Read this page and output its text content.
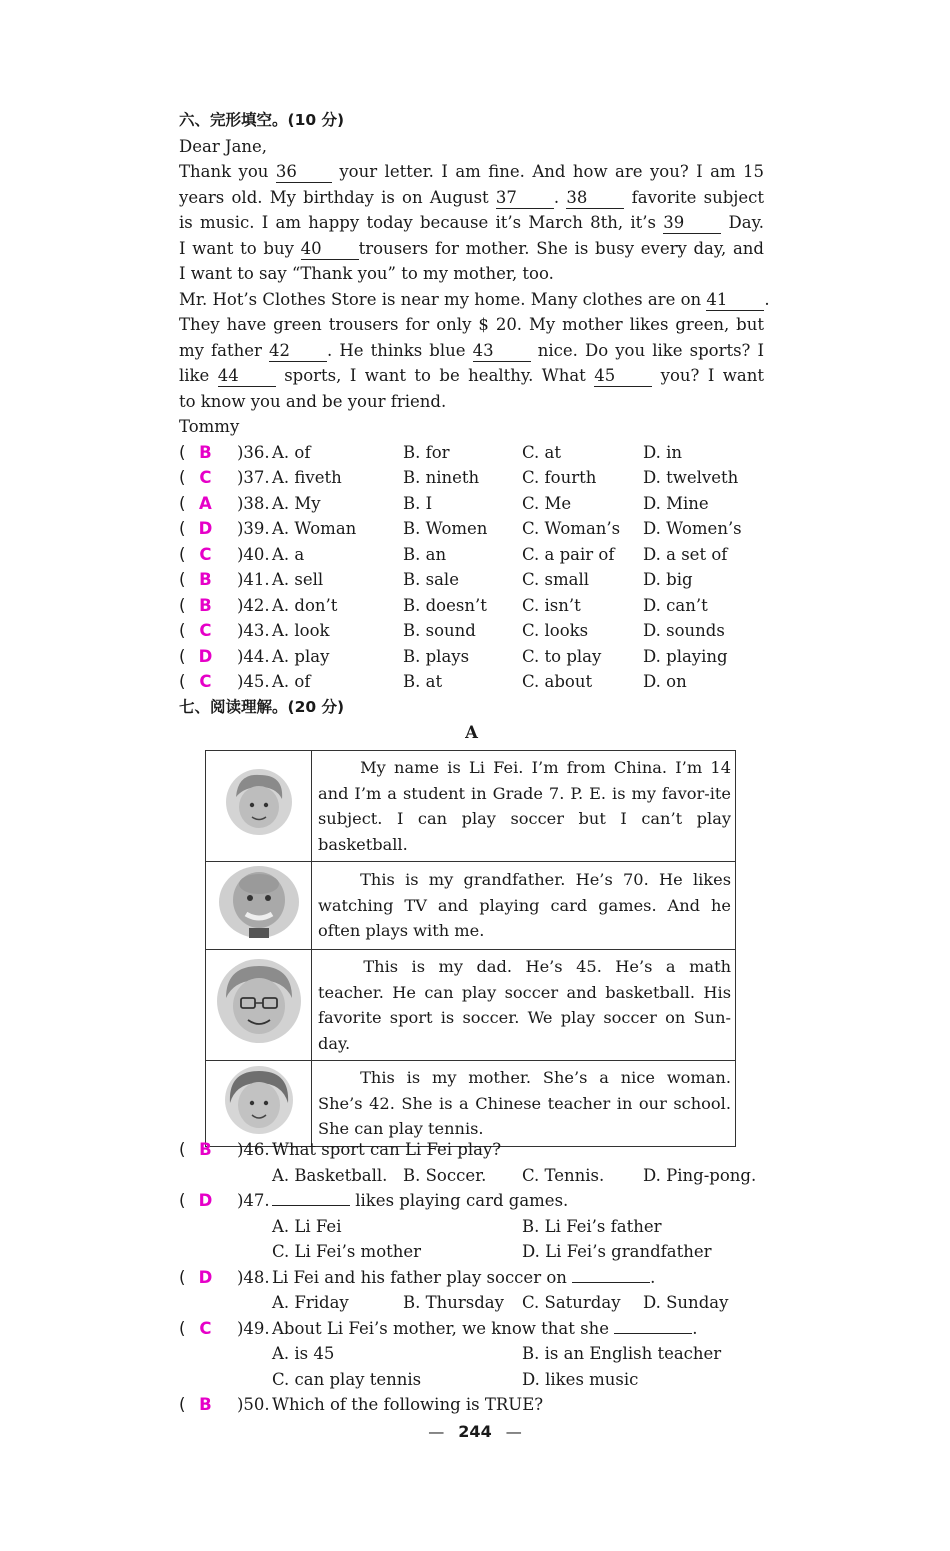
六、完形填空。(10 分)
Dear Jane,
Thank you 36	your letter. I am fine. And how are you? I am 15
years old. My birthday is on August 37 . 38	favorite subject
is music. I am happy today because it’s March 8th, it’s 39	Day.
I want to buy 40 trousers for mother. She is busy every day, and
I want to say “Thank you” to my mother, too.
Mr. Hot’s Clothes Store is near my home. Many clothes are on 41 .
They have green trousers for only $ 20. My mother likes green, but
my father 42 . He thinks blue 43	nice. Do you like sports? I
like 44	sports, I want to be healthy. What 45	you? I want
to know you and be your friend.
Tommy
( B	)36. A. of	B. for	C. at	D. in
( C	)37. A. fiveth	B. nineth	C. fourth	D. twelveth
( A	)38. A. My	B. I	C. Me	D. Mine
( D	)39. A. Woman	B. Women C. Woman’s D. Women’s
( C	)40. A. a	B. an	C. a pair of D. a set of
( B	)41. A. sell	B. sale	C. small	D. big
( B	)42. A. don’t	B. doesn’t C. isn’t	D. can’t
( C	)43. A. look	B. sound	C. looks	D. sounds
( D	)44. A. play	B. plays	C. to play	D. playing
( C	)45. A. of	B. at	C. about	D. on
七、阅读理解。(20 分)
A
	My name is Li Fei. I’m from China. I’m 14 and I’m a student in Grade 7. P. E. is my favor-ite subject. I can play soccer but I can’t play basketball.
	This is my grandfather. He’s 70. He likes watching TV and playing card games. And he often plays with me.
	This is my dad. He’s 45. He’s a math teacher. He can play soccer and basketball. His favorite sport is soccer. We play soccer on Sun-day.
	This is my mother. She’s a nice woman. She’s 42. She is a Chinese teacher in our school. She can play tennis.
( B	)46. What sport can Li Fei play?
A. Basketball. B. Soccer. C. Tennis. D. Ping-pong.
( D	)47.	likes playing card games.
A. Li Fei	B. Li Fei’s father
C. Li Fei’s mother	D. Li Fei’s grandfather
( D	)48. Li Fei and his father play soccer on	.
A. Friday	B. Thursday C. Saturday D. Sunday
( C	)49. About Li Fei’s mother, we know that she	.
A. is 45	B. is an English teacher
C. can play tennis	D. likes music
( B	)50. Which of the following is TRUE?
— 244 —
